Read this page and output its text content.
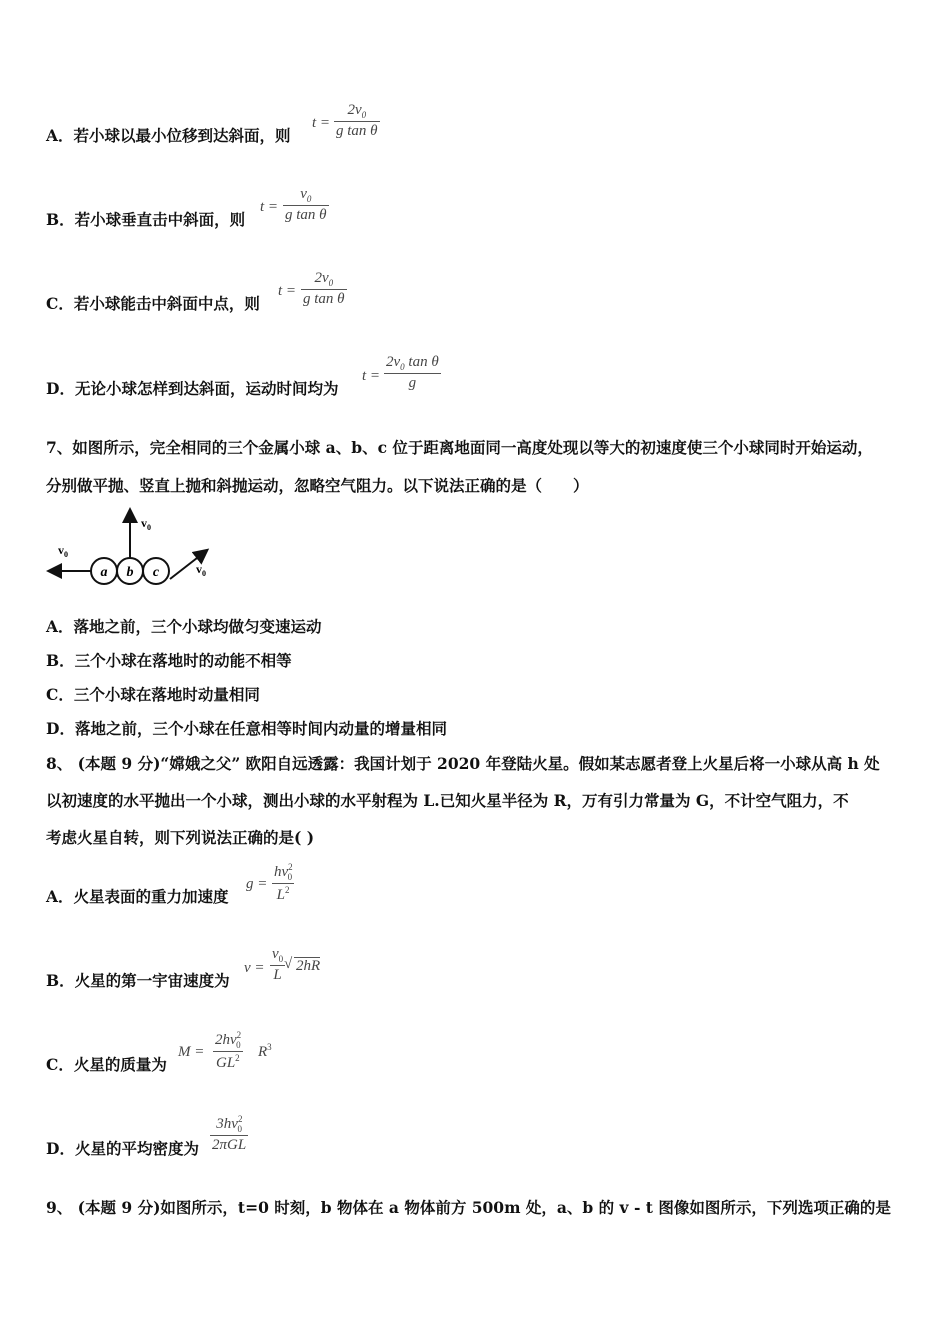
A．若小球以最小位移到达斜面，则
t =
$2v_0$
g tan θ
B．若小球垂直击中斜面，则
t =
$v_0$
g tan θ
C．若小球能击中斜面中点，则
t =
$2v_0$
g tan θ
D．无论小球怎样到达斜面，运动时间均为
t =
$2v_0$ tan θ
g
7、如图所示，完全相同的三个金属小球 a、b、c 位于距离地面同一高度处现以等大的初速度使三个小球同时开始运动，
分别做平抛、竖直上抛和斜抛运动，忽略空气阻力。以下说法正确的是（　　）
a b c
$v_0$
$v_0$
$v_0$
A．落地之前，三个小球均做匀变速运动
B．三个小球在落地时的动能不相等
C．三个小球在落地时动量相同
D．落地之前，三个小球在任意相等时间内动量的增量相同
8、 (本题 9 分)“嫦娥之父” 欧阳自远透露：我国计划于 2020 年登陆火星。假如某志愿者登上火星后将一小球从高 h 处
以初速度的水平抛出一个小球，测出小球的水平射程为 L.已知火星半径为 R，万有引力常量为 G，不计空气阻力，不
考虑火星自转，则下列说法正确的是( )
A．火星表面的重力加速度
g =
$hv^2_0$
$L^2$
B．火星的第一宇宙速度为
v =
$v_0$
L
√ 2hR
C．火星的质量为
M =
$2hv^2_0$
$GL^2$ $R^3$
D．火星的平均密度为
$3hv^2_0$
2πGL
9、 (本题 9 分)如图所示，t=0 时刻，b 物体在 a 物体前方 500m 处，a、b 的 v - t 图像如图所示，下列选项正确的是
